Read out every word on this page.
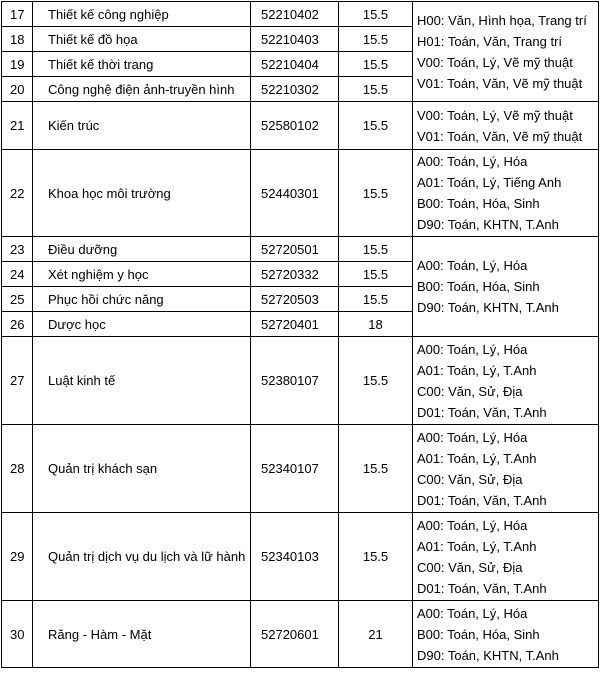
17	Thiết kế công nghiệp	52210402	15.5	H00: Văn, Hình họa, Trang trí
H01: Toán, Văn, Trang trí
V00: Toán, Lý, Vẽ mỹ thuật
V01: Toán, Văn, Vẽ mỹ thuật

18	Thiết kế đồ họa	52210403	15.5	
19	Thiết kế thời trang	52210404	15.5	
20	Công nghệ điện ảnh-truyền hình	52210302	15.5	
21	Kiến trúc	52580102	15.5	V00: Toán, Lý, Vẽ mỹ thuật
V01: Toán, Văn, Vẽ mỹ thuật

22	Khoa học môi trường	52440301	15.5	A00: Toán, Lý, Hóa
A01: Toán, Lý, Tiếng Anh
B00: Toán, Hóa, Sinh
D90: Toán, KHTN, T.Anh

23	Điều dưỡng	52720501	15.5	A00: Toán, Lý, Hóa
B00: Toán, Hóa, Sinh
D90: Toán, KHTN, T.Anh

24	Xét nghiệm y học	52720332	15.5	
25	Phục hồi chức năng	52720503	15.5	
26	Dược học	52720401	18	
27	Luật kinh tế	52380107	15.5	A00: Toán, Lý, Hóa
A01: Toán, Lý, T.Anh
C00: Văn, Sử, Địa
D01: Toán, Văn, T.Anh

28	Quản trị khách sạn	52340107	15.5	A00: Toán, Lý, Hóa
A01: Toán, Lý, T.Anh
C00: Văn, Sử, Địa
D01: Toán, Văn, T.Anh

29	Quản trị dịch vụ du lịch và lữ hành	52340103	15.5	A00: Toán, Lý, Hóa
A01: Toán, Lý, T.Anh
C00: Văn, Sử, Địa
D01: Toán, Văn, T.Anh

30	Răng - Hàm - Mặt	52720601	21	A00: Toán, Lý, Hóa
B00: Toán, Hóa, Sinh
D90: Toán, KHTN, T.Anh
